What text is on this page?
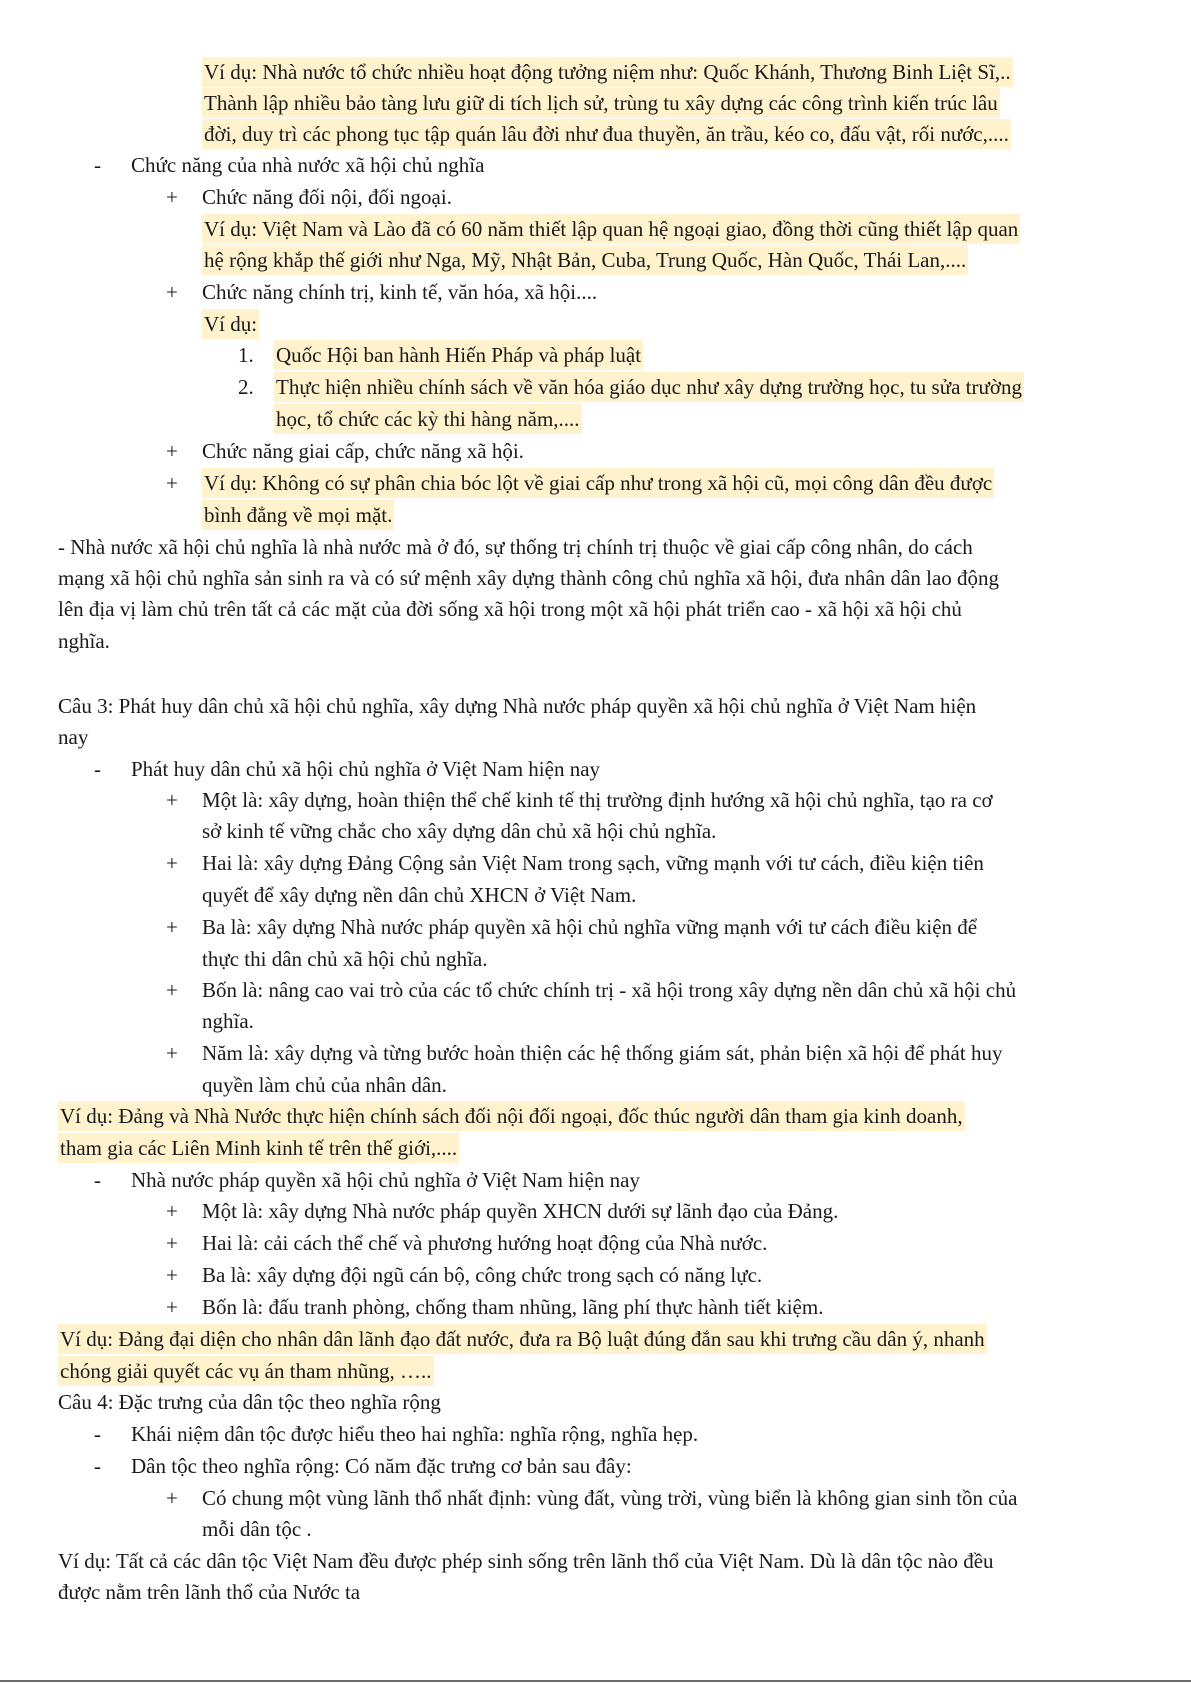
Ví dụ: Nhà nước tổ chức nhiều hoạt động tưởng niệm như: Quốc Khánh, Thương Binh Liệt Sĩ,..
Thành lập nhiều bảo tàng lưu giữ di tích lịch sử, trùng tu xây dựng các công trình kiến trúc lâu
đời, duy trì các phong tục tập quán lâu đời như đua thuyền, ăn trầu, kéo co, đấu vật, rối nước,....
- Chức năng của nhà nước xã hội chủ nghĩa
+ Chức năng đối nội, đối ngoại.
Ví dụ: Việt Nam và Lào đã có 60 năm thiết lập quan hệ ngoại giao, đồng thời cũng thiết lập quan
hệ rộng khắp thế giới như Nga, Mỹ, Nhật Bản, Cuba, Trung Quốc, Hàn Quốc, Thái Lan,....
+ Chức năng chính trị, kinh tế, văn hóa, xã hội....
Ví dụ:
1. Quốc Hội ban hành Hiến Pháp và pháp luật
2. Thực hiện nhiều chính sách về văn hóa giáo dục như xây dựng trường học, tu sửa trường
học, tổ chức các kỳ thi hàng năm,....
+ Chức năng giai cấp, chức năng xã hội.
+ Ví dụ: Không có sự phân chia bóc lột về giai cấp như trong xã hội cũ, mọi công dân đều được
bình đẳng về mọi mặt.
- Nhà nước xã hội chủ nghĩa là nhà nước mà ở đó, sự thống trị chính trị thuộc về giai cấp công nhân, do cách
mạng xã hội chủ nghĩa sản sinh ra và có sứ mệnh xây dựng thành công chủ nghĩa xã hội, đưa nhân dân lao động
lên địa vị làm chủ trên tất cả các mặt của đời sống xã hội trong một xã hội phát triển cao - xã hội xã hội chủ
nghĩa.
Câu 3: Phát huy dân chủ xã hội chủ nghĩa, xây dựng Nhà nước pháp quyền xã hội chủ nghĩa ở Việt Nam hiện
nay
- Phát huy dân chủ xã hội chủ nghĩa ở Việt Nam hiện nay
+ Một là: xây dựng, hoàn thiện thể chế kinh tế thị trường định hướng xã hội chủ nghĩa, tạo ra cơ
sở kinh tế vững chắc cho xây dựng dân chủ xã hội chủ nghĩa.
+ Hai là: xây dựng Đảng Cộng sản Việt Nam trong sạch, vững mạnh với tư cách, điều kiện tiên
quyết để xây dựng nền dân chủ XHCN ở Việt Nam.
+ Ba là: xây dựng Nhà nước pháp quyền xã hội chủ nghĩa vững mạnh với tư cách điều kiện để
thực thi dân chủ xã hội chủ nghĩa.
+ Bốn là: nâng cao vai trò của các tổ chức chính trị - xã hội trong xây dựng nền dân chủ xã hội chủ
nghĩa.
+ Năm là: xây dựng và từng bước hoàn thiện các hệ thống giám sát, phản biện xã hội để phát huy
quyền làm chủ của nhân dân.
Ví dụ: Đảng và Nhà Nước thực hiện chính sách đối nội đối ngoại, đốc thúc người dân tham gia kinh doanh,
tham gia các Liên Minh kinh tế trên thế giới,....
- Nhà nước pháp quyền xã hội chủ nghĩa ở Việt Nam hiện nay
+ Một là: xây dựng Nhà nước pháp quyền XHCN dưới sự lãnh đạo của Đảng.
+ Hai là: cải cách thể chế và phương hướng hoạt động của Nhà nước.
+ Ba là: xây dựng đội ngũ cán bộ, công chức trong sạch có năng lực.
+ Bốn là: đấu tranh phòng, chống tham nhũng, lãng phí thực hành tiết kiệm.
Ví dụ: Đảng đại diện cho nhân dân lãnh đạo đất nước, đưa ra Bộ luật đúng đắn sau khi trưng cầu dân ý, nhanh
chóng giải quyết các vụ án tham nhũng, …..
Câu 4: Đặc trưng của dân tộc theo nghĩa rộng
- Khái niệm dân tộc được hiểu theo hai nghĩa: nghĩa rộng, nghĩa hẹp.
- Dân tộc theo nghĩa rộng: Có năm đặc trưng cơ bản sau đây:
+ Có chung một vùng lãnh thổ nhất định: vùng đất, vùng trời, vùng biển là không gian sinh tồn của
mỗi dân tộc .
Ví dụ: Tất cả các dân tộc Việt Nam đều được phép sinh sống trên lãnh thổ của Việt Nam. Dù là dân tộc nào đều
được nằm trên lãnh thổ của Nước ta
